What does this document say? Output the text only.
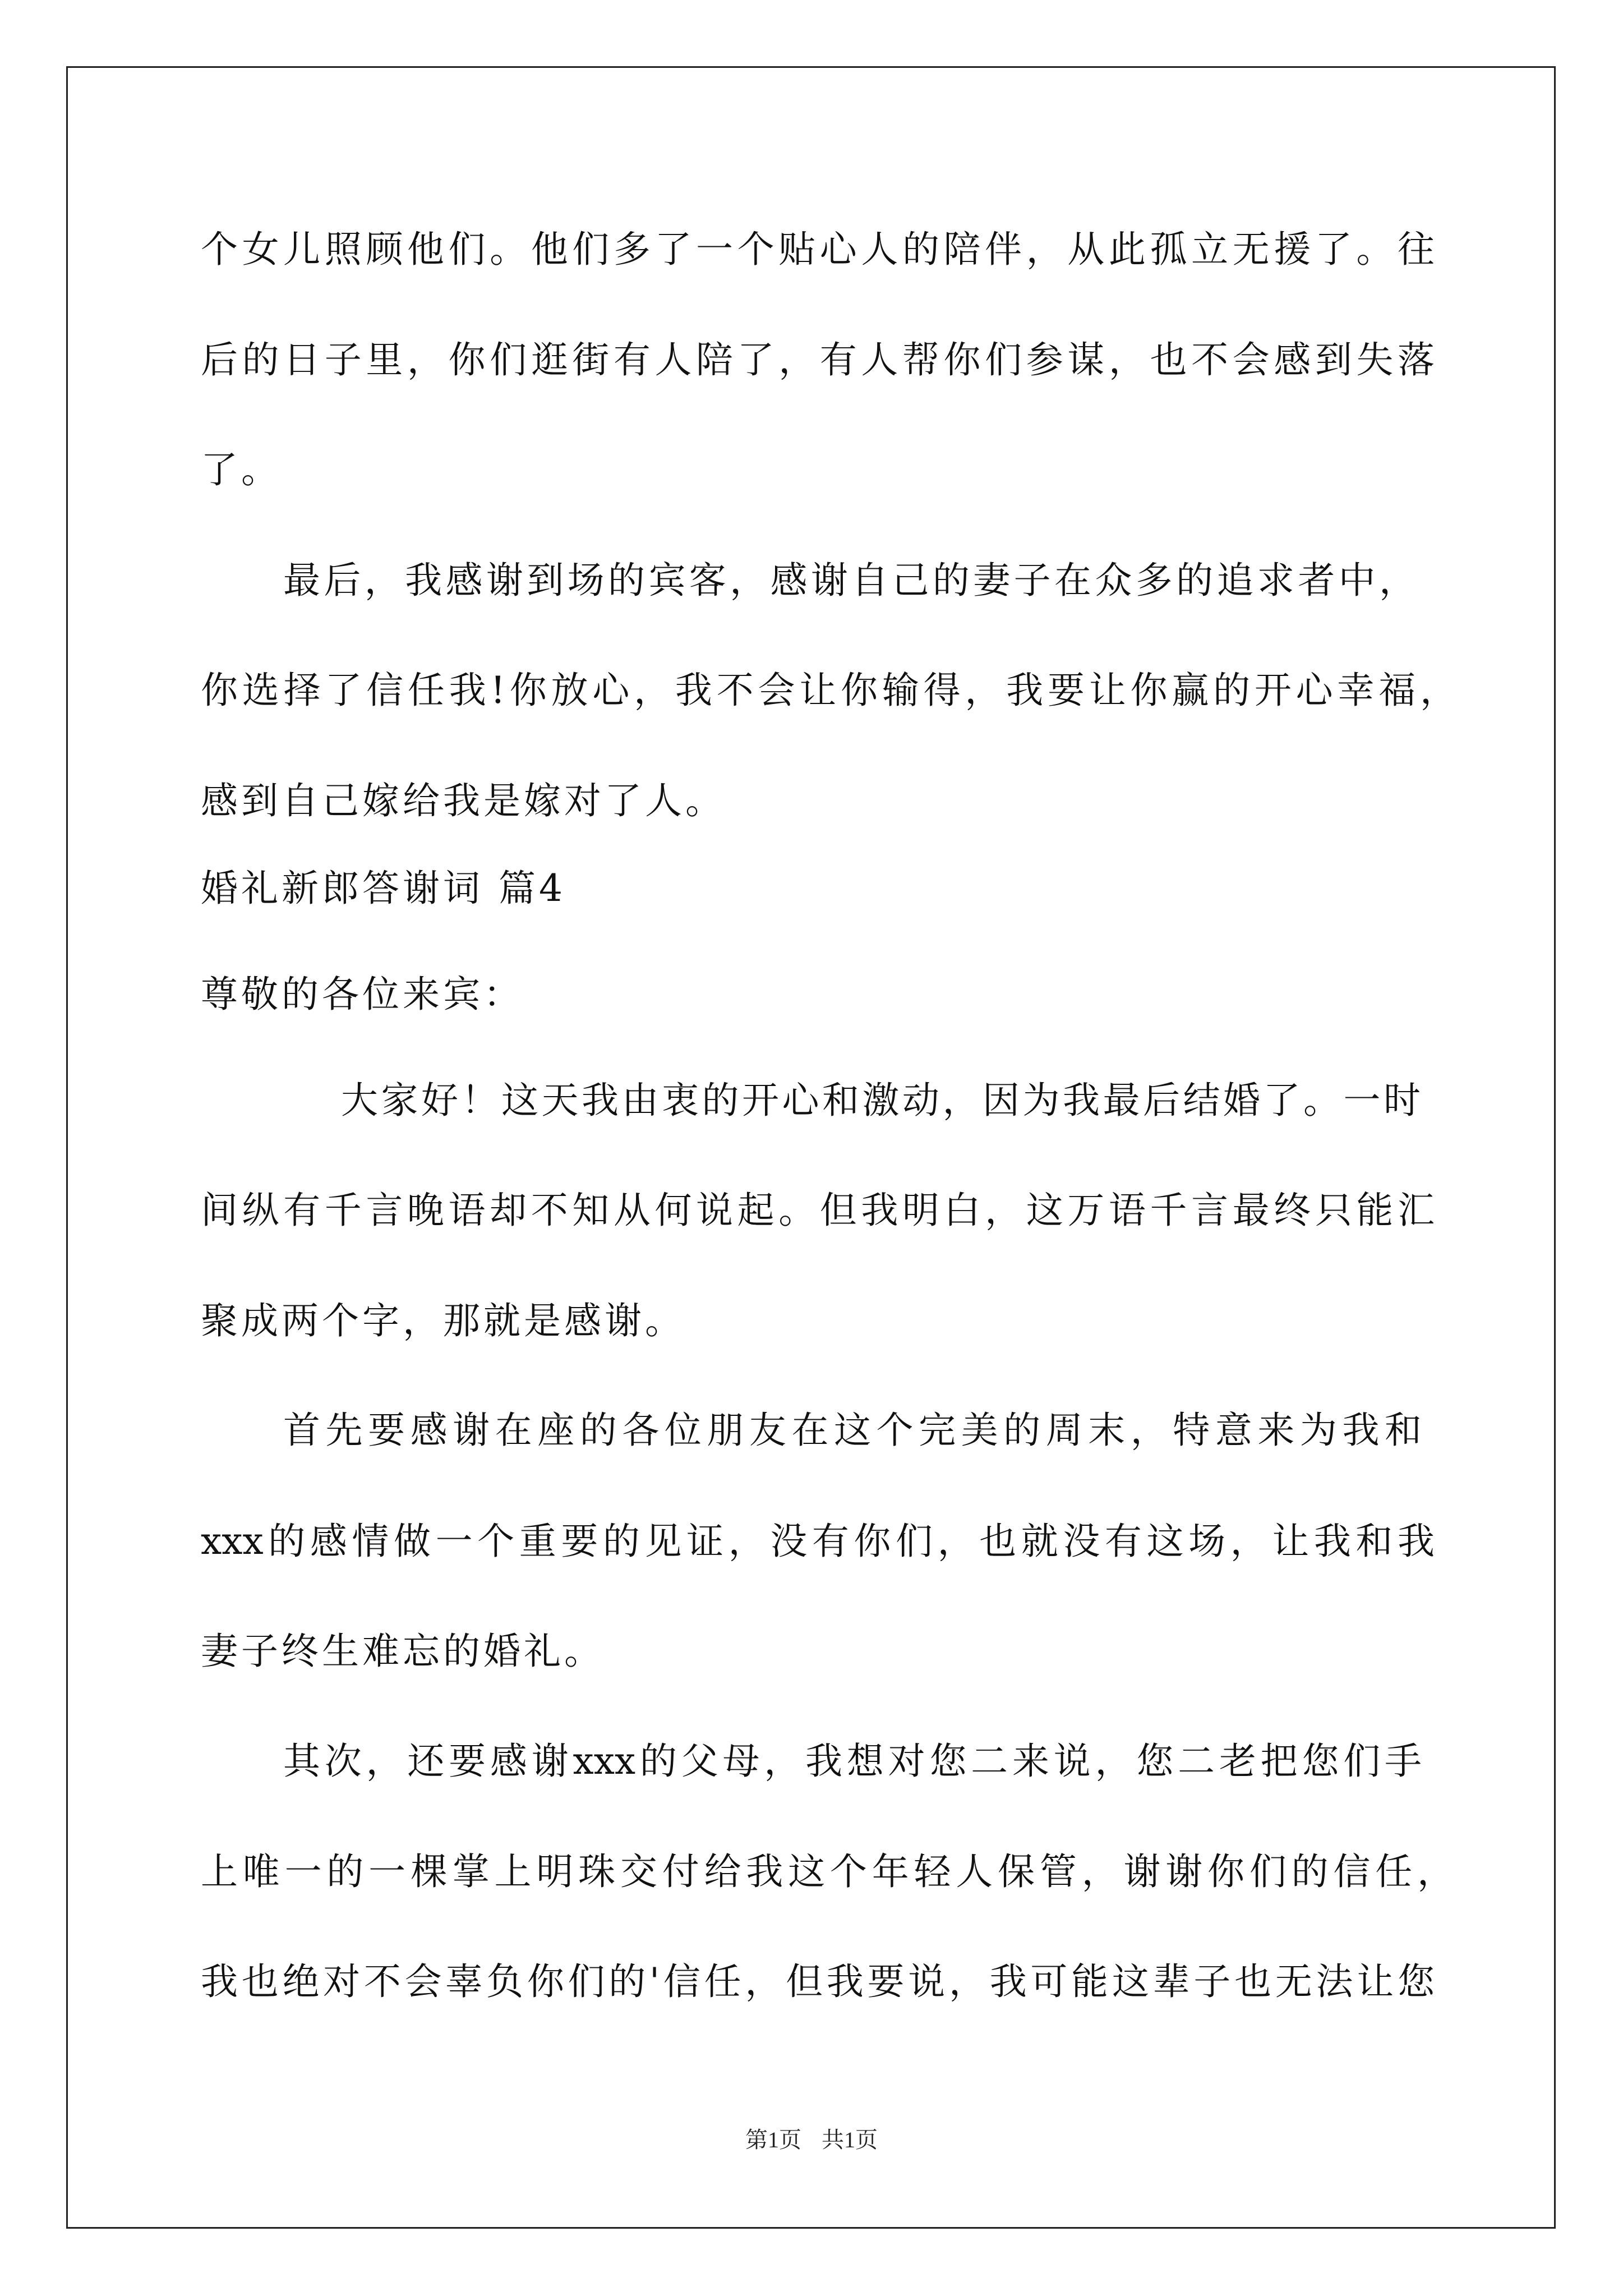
个女儿照顾他们。他们多了一个贴心人的陪伴，从此孤立无援了。往
后的日子里，你们逛街有人陪了，有人帮你们参谋，也不会感到失落
了。
最后，我感谢到场的宾客，感谢自己的妻子在众多的追求者中，
你选择了信任我!你放心，我不会让你输得，我要让你赢的开心幸福，
感到自己嫁给我是嫁对了人。
婚礼新郎答谢词 篇4
尊敬的各位来宾：
大家好！这天我由衷的开心和激动，因为我最后结婚了。一时
间纵有千言晚语却不知从何说起。但我明白，这万语千言最终只能汇
聚成两个字，那就是感谢。
首先要感谢在座的各位朋友在这个完美的周末，特意来为我和
xxx的感情做一个重要的见证，没有你们，也就没有这场，让我和我
妻子终生难忘的婚礼。
其次，还要感谢xxx的父母，我想对您二来说，您二老把您们手
上唯一的一棵掌上明珠交付给我这个年轻人保管，谢谢你们的信任，
我也绝对不会辜负你们的'信任，但我要说，我可能这辈子也无法让您
第1页 共1页
